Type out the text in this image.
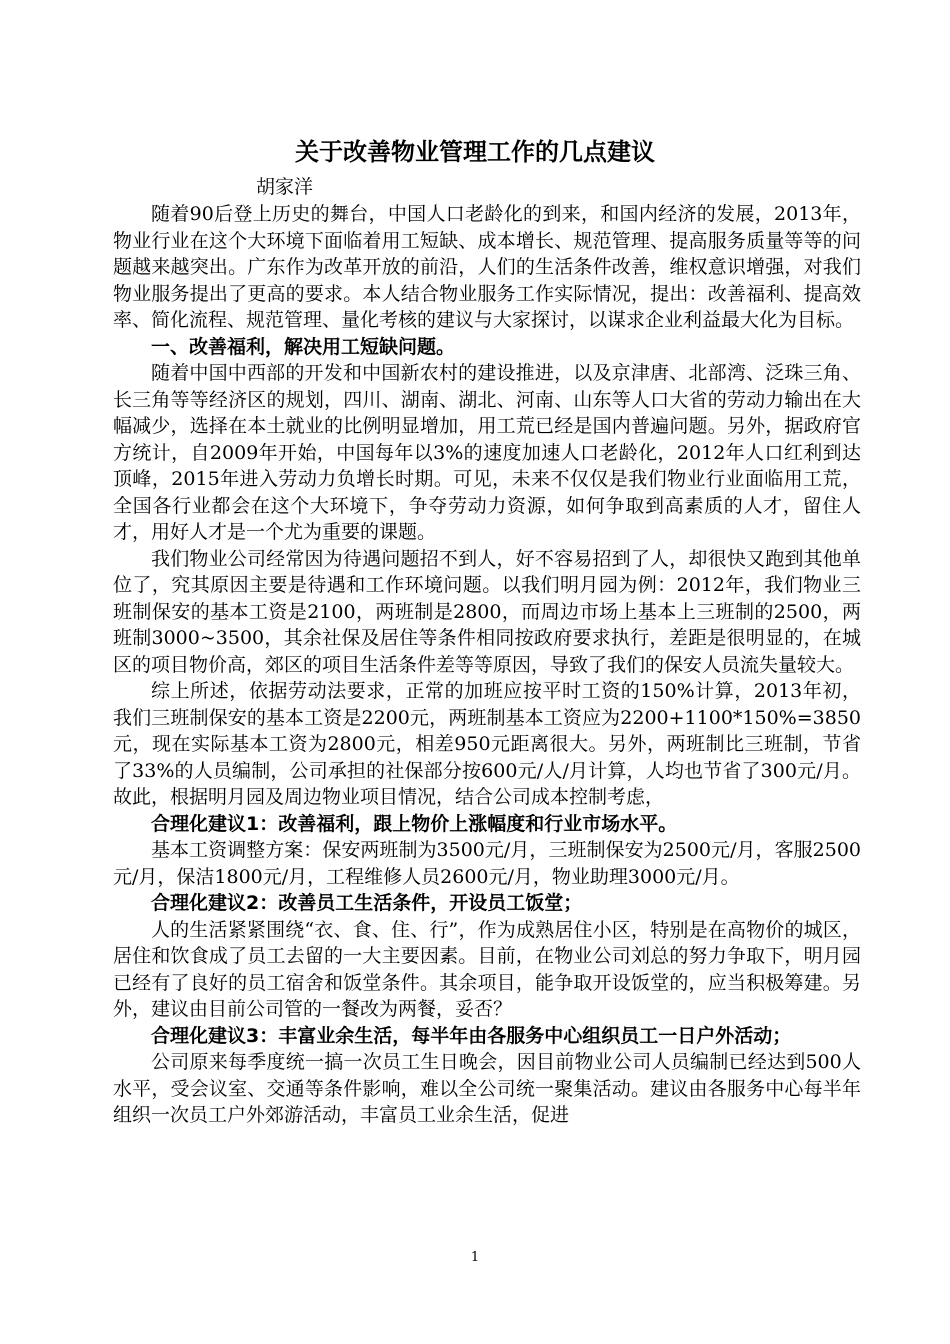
关于改善物业管理工作的几点建议
胡家洋

随着90后登上历史的舞台，中国人口老龄化的到来，和国内经济的发展，2013年，物业行业在这个大环境下面临着用工短缺、成本增长、规范管理、提高服务质量等等的问题越来越突出。广东作为改革开放的前沿，人们的生活条件改善，维权意识增强，对我们物业服务提出了更高的要求。本人结合物业服务工作实际情况，提出：改善福利、提高效率、简化流程、规范管理、量化考核的建议与大家探讨，以谋求企业利益最大化为目标。

一、改善福利，解决用工短缺问题。

随着中国中西部的开发和中国新农村的建设推进，以及京津唐、北部湾、泛珠三角、长三角等等经济区的规划，四川、湖南、湖北、河南、山东等人口大省的劳动力输出在大幅减少，选择在本土就业的比例明显增加，用工荒已经是国内普遍问题。另外，据政府官方统计，自2009年开始，中国每年以3%的速度加速人口老龄化，2012年人口红利到达顶峰，2015年进入劳动力负增长时期。可见，未来不仅仅是我们物业行业面临用工荒，全国各行业都会在这个大环境下，争夺劳动力资源，如何争取到高素质的人才，留住人才，用好人才是一个尤为重要的课题。

我们物业公司经常因为待遇问题招不到人，好不容易招到了人，却很快又跑到其他单位了，究其原因主要是待遇和工作环境问题。以我们明月园为例：2012年，我们物业三班制保安的基本工资是2100，两班制是2800，而周边市场上基本上三班制的2500，两班制3000~3500，其余社保及居住等条件相同按政府要求执行，差距是很明显的，在城区的项目物价高，郊区的项目生活条件差等等原因，导致了我们的保安人员流失量较大。

综上所述，依据劳动法要求，正常的加班应按平时工资的150%计算，2013年初，我们三班制保安的基本工资是2200元，两班制基本工资应为2200+1100*150%=3850元，现在实际基本工资为2800元，相差950元距离很大。另外，两班制比三班制，节省了33%的人员编制，公司承担的社保部分按600元/人/月计算，人均也节省了300元/月。故此，根据明月园及周边物业项目情况，结合公司成本控制考虑，

合理化建议1：改善福利，跟上物价上涨幅度和行业市场水平。

基本工资调整方案：保安两班制为3500元/月，三班制保安为2500元/月，客服2500元/月，保洁1800元/月，工程维修人员2600元/月，物业助理3000元/月。

合理化建议2：改善员工生活条件，开设员工饭堂；

人的生活紧紧围绕“衣、食、住、行”，作为成熟居住小区，特别是在高物价的城区，居住和饮食成了员工去留的一大主要因素。目前，在物业公司刘总的努力争取下，明月园已经有了良好的员工宿舍和饭堂条件。其余项目，能争取开设饭堂的，应当积极筹建。另外，建议由目前公司管的一餐改为两餐，妥否？

合理化建议3：丰富业余生活，每半年由各服务中心组织员工一日户外活动；

公司原来每季度统一搞一次员工生日晚会，因目前物业公司人员编制已经达到500人水平，受会议室、交通等条件影响，难以全公司统一聚集活动。建议由各服务中心每半年组织一次员工户外郊游活动，丰富员工业余生活，促进

1
